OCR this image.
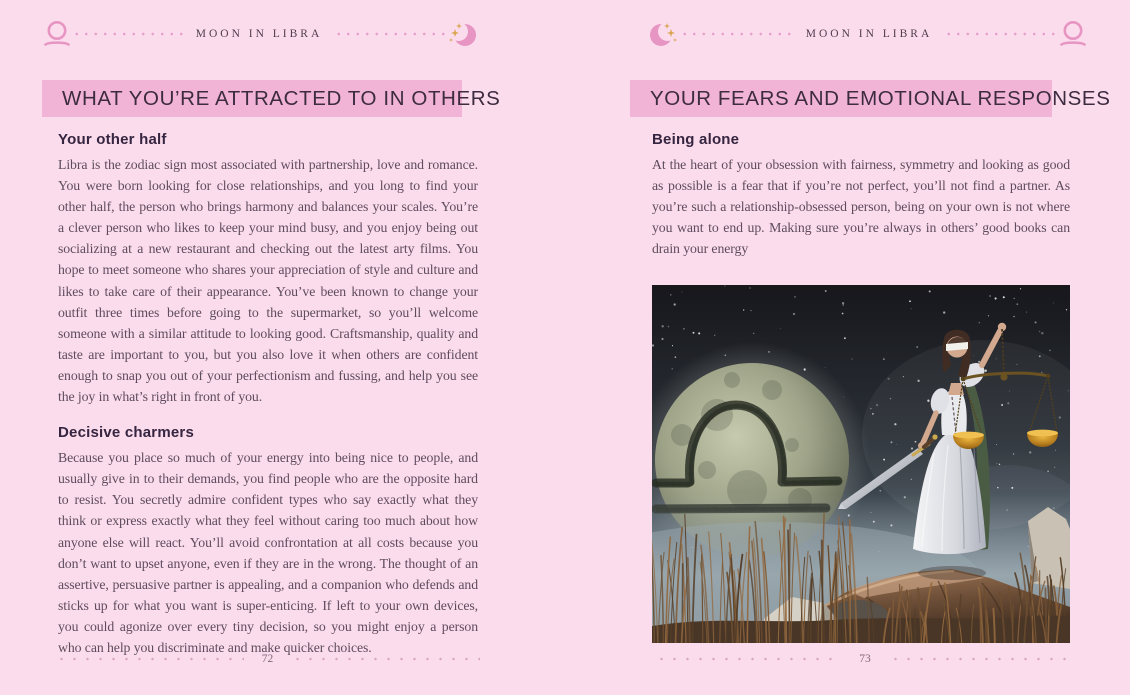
MOON IN LIBRA
WHAT YOU’RE ATTRACTED TO IN OTHERS
Your other half

Libra is the zodiac sign most associated with partnership, love and romance. You were born looking for close relationships, and you long to find your other half, the person who brings harmony and balances your scales. You’re a clever person who likes to keep your mind busy, and you enjoy being out socializing at a new restaurant and checking out the latest arty films. You hope to meet someone who shares your appreciation of style and culture and likes to take care of their appearance. You’ve been known to change your outfit three times before going to the supermarket, so you’ll welcome someone with a similar attitude to looking good. Craftsmanship, quality and taste are important to you, but you also love it when others are confident enough to snap you out of your perfectionism and fussing, and help you see the joy in what’s right in front of you.

Decisive charmers

Because you place so much of your energy into being nice to people, and usually give in to their demands, you find people who are the opposite hard to resist. You secretly admire confident types who say exactly what they think or express exactly what they feel without caring too much about how anyone else will react. You’ll avoid confrontation at all costs because you don’t want to upset anyone, even if they are in the wrong. The thought of an assertive, persuasive partner is appealing, and a companion who defends and sticks up for what you want is super-enticing. If left to your own devices, you could agonize over every tiny decision, so you might enjoy a person who can help you discriminate and make quicker choices.

72
MOON IN LIBRA
YOUR FEARS AND EMOTIONAL RESPONSES
Being alone

At the heart of your obsession with fairness, symmetry and looking as good as possible is a fear that if you’re not perfect, you’ll not find a partner. As you’re such a relationship-obsessed person, being on your own is not where you want to end up. Making sure you’re always in others’ good books can drain your energy

73
